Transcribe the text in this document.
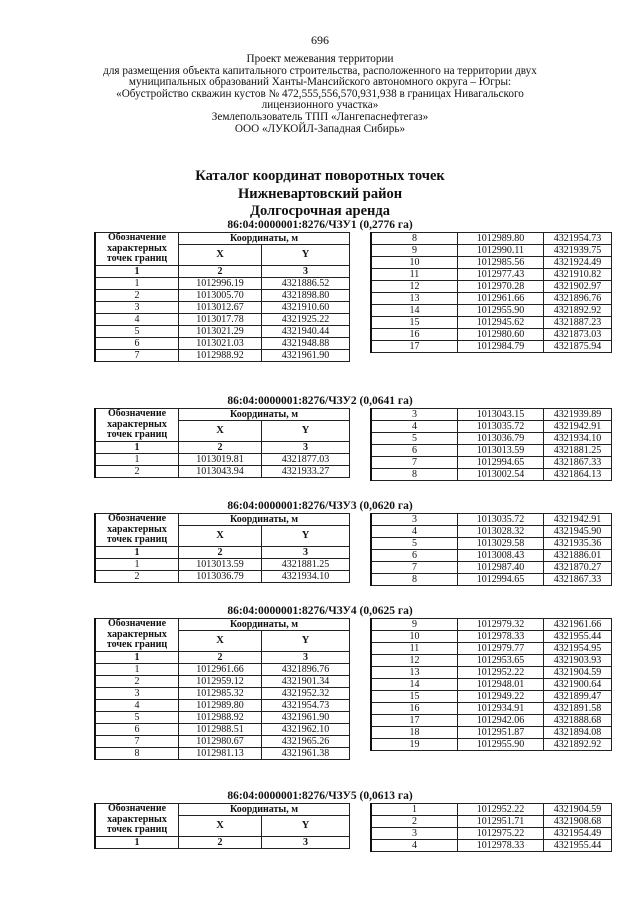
696
Проект межевания территории
для размещения объекта капитального строительства, расположенного на территории двух
муниципальных образований Ханты-Мансийского автономного округа – Югры:
«Обустройство скважин кустов № 472,555,556,570,931,938 в границах Нивагальского
лицензионного участка»
Землепользователь ТПП «Лангепаснефтегаз»
ООО «ЛУКОЙЛ-Западная Сибирь»
Каталог координат поворотных точек
Нижневартовский район
Долгосрочная аренда
86:04:0000001:8276/ЧЗУ1 (0,2776 га)
Обозначение
характерных
точек границ	Координаты, м	
	X	Y
1	2	3
1	1012996.19	4321886.52
2	1013005.70	4321898.80
3	1013012.67	4321910.60
4	1013017.78	4321925.22
5	1013021.29	4321940.44
6	1013021.03	4321948.88
7	1012988.92	4321961.90
8	1012989.80	4321954.73
9	1012990.11	4321939.75
10	1012985.56	4321924.49
11	1012977.43	4321910.82
12	1012970.28	4321902.97
13	1012961.66	4321896.76
14	1012955.90	4321892.92
15	1012945.62	4321887.23
16	1012980.60	4321873.03
17	1012984.79	4321875.94
86:04:0000001:8276/ЧЗУ2 (0,0641 га)
Обозначение
характерных
точек границ	Координаты, м	
	X	Y
1	2	3
1	1013019.81	4321877.03
2	1013043.94	4321933.27
3	1013043.15	4321939.89
4	1013035.72	4321942.91
5	1013036.79	4321934.10
6	1013013.59	4321881.25
7	1012994.65	4321867.33
8	1013002.54	4321864.13
86:04:0000001:8276/ЧЗУ3 (0,0620 га)
Обозначение
характерных
точек границ	Координаты, м	
	X	Y
1	2	3
1	1013013.59	4321881.25
2	1013036.79	4321934.10
3	1013035.72	4321942.91
4	1013028.32	4321945.90
5	1013029.58	4321935.36
6	1013008.43	4321886.01
7	1012987.40	4321870.27
8	1012994.65	4321867.33
86:04:0000001:8276/ЧЗУ4 (0,0625 га)
Обозначение
характерных
точек границ	Координаты, м	
	X	Y
1	2	3
1	1012961.66	4321896.76
2	1012959.12	4321901.34
3	1012985.32	4321952.32
4	1012989.80	4321954.73
5	1012988.92	4321961.90
6	1012988.51	4321962.10
7	1012980.67	4321965.26
8	1012981.13	4321961.38
9	1012979.32	4321961.66
10	1012978.33	4321955.44
11	1012979.77	4321954.95
12	1012953.65	4321903.93
13	1012952.22	4321904.59
14	1012948.01	4321900.64
15	1012949.22	4321899.47
16	1012934.91	4321891.58
17	1012942.06	4321888.68
18	1012951.87	4321894.08
19	1012955.90	4321892.92
86:04:0000001:8276/ЧЗУ5 (0,0613 га)
Обозначение
характерных
точек границ	Координаты, м	
	X	Y
1	2	3
1	1012952.22	4321904.59
2	1012951.71	4321908.68
3	1012975.22	4321954.49
4	1012978.33	4321955.44
